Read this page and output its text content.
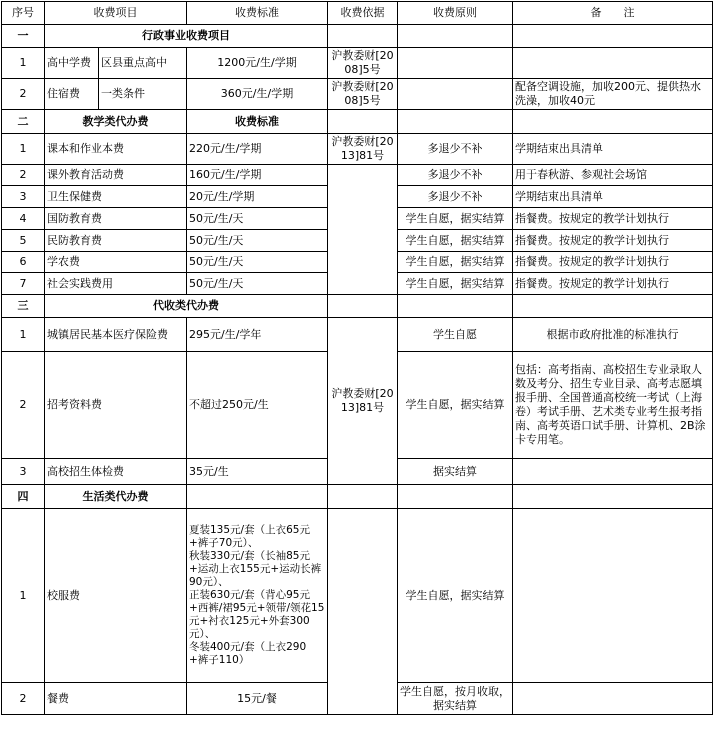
序号	收费项目		收费标准	收费依据	收费原则	备　　注
一	行政事业收费项目					
1	高中学费	区县重点高中	1200元/生/学期	沪教委财[2008]5号		
2	住宿费	一类条件	360元/生/学期	沪教委财[2008]5号		配备空调设施，加收200元、提供热水洗澡，加收40元
二	教学类代办费		收费标准			
1	课本和作业本费		220元/生/学期	沪教委财[2013]81号	多退少不补	学期结束出具清单
2	课外教育活动费		160元/生/学期		多退少不补	用于春秋游、参观社会场馆
3	卫生保健费		20元/生/学期		多退少不补	学期结束出具清单
4	国防教育费		50元/生/天		学生自愿，据实结算	指餐费。按规定的教学计划执行
5	民防教育费		50元/生/天		学生自愿，据实结算	指餐费。按规定的教学计划执行
6	学农费		50元/生/天		学生自愿，据实结算	指餐费。按规定的教学计划执行
7	社会实践费用		50元/生/天		学生自愿，据实结算	指餐费。按规定的教学计划执行
三	代收类代办费					
1	城镇居民基本医疗保险费		295元/生/学年	沪教委财[2013]81号	学生自愿	根据市政府批准的标准执行
2	招考资料费		不超过250元/生		学生自愿，据实结算	包括：高考指南、高校招生专业录取人数及考分、招生专业目录、高考志愿填报手册、全国普通高校统一考试（上海卷）考试手册、艺术类专业考生报考指南、高考英语口试手册、计算机、2B涂卡专用笔。
3	高校招生体检费		35元/生		据实结算	
四	生活类代办费					
1	校服费		夏装135元/套（上衣65元+裤子70元）、
秋装330元/套（长袖85元+运动上衣155元+运动长裤90元）、
正装630元/套（背心95元+西裤/裙95元+领带/领花15元+衬衣125元+外套300元）、
冬装400元/套（上衣290+裤子110）		学生自愿，据实结算	
2	餐费		15元/餐		学生自愿，按月收取，据实结算	
